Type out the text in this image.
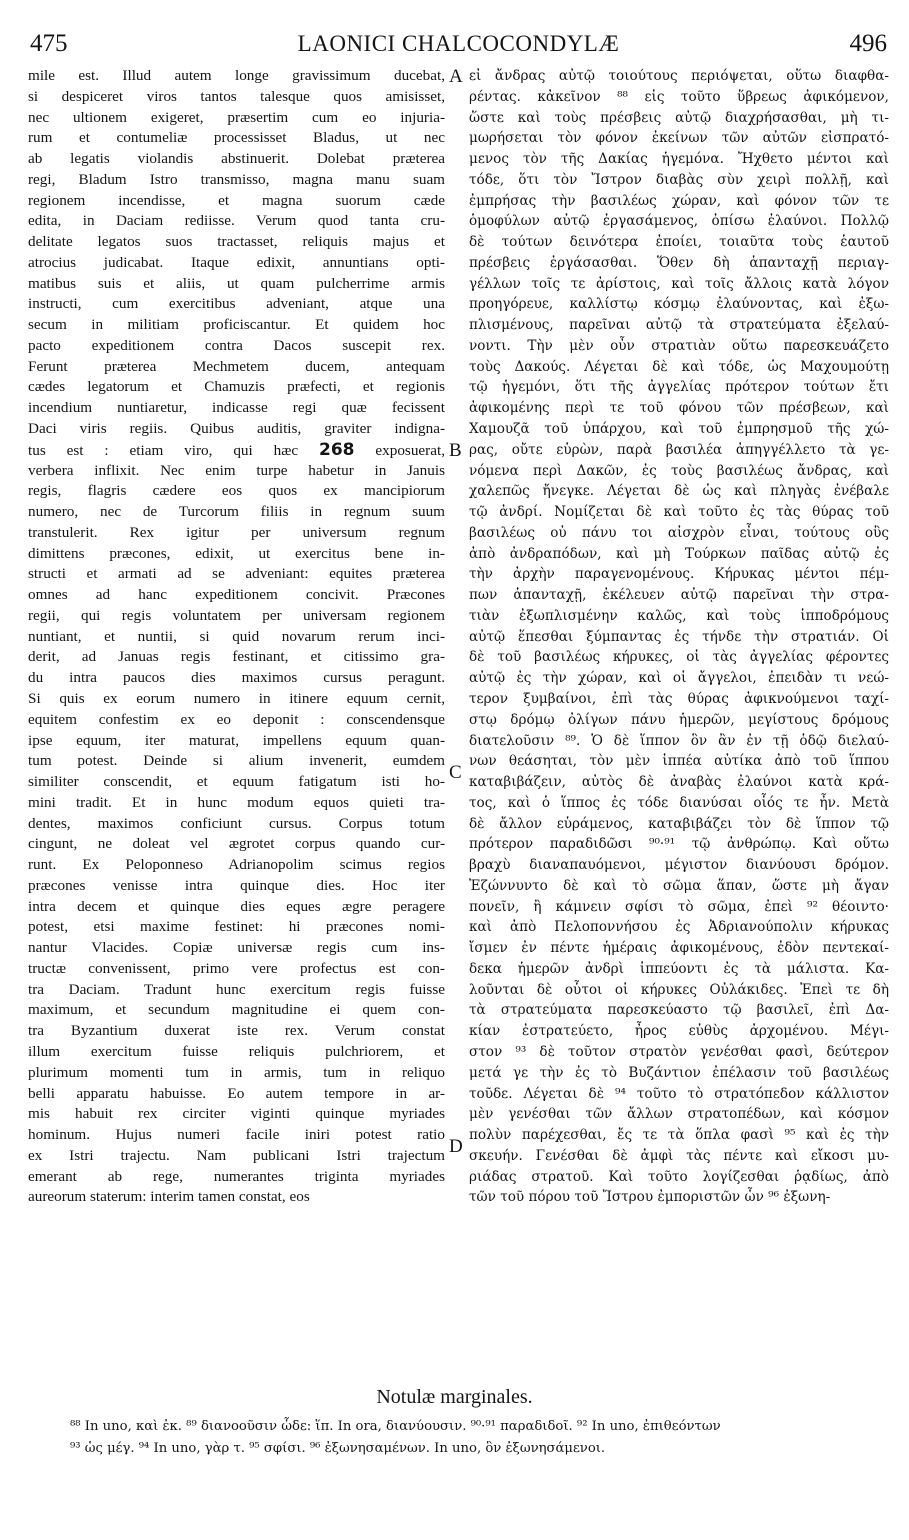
475	LAONICI CHALCOCONDYLÆ	496
mile est. Illud autem longe gravissimum ducebat,
si despiceret viros tantos talesque quos amisisset,
nec ultionem exigeret, præsertim cum eo injuria-
rum et contumeliæ processisset Bladus, ut nec
ab legatis violandis abstinuerit. Dolebat præterea
regi, Bladum Istro transmisso, magna manu suam
regionem incendisse, et magna suorum cæde
edita, in Daciam rediisse. Verum quod tanta cru-
delitate legatos suos tractasset, reliquis majus et
atrocius judicabat. Itaque edixit, annuntians opti-
matibus suis et aliis, ut quam pulcherrime armis
instructi, cum exercitibus adveniant, atque una
secum in militiam proficiscantur. Et quidem hoc
pacto expeditionem contra Dacos suscepit rex.
Ferunt præterea Mechmetem ducem, antequam
cædes legatorum et Chamuzis præfecti, et regionis
incendium nuntiaretur, indicasse regi quæ fecissent
Daci viris regiis. Quibus auditis, graviter indigna-
tus est : etiam viro, qui hæc 268 exposuerat,
verbera inflixit. Nec enim turpe habetur in Januis
regis, flagris cædere eos quos ex mancipiorum
numero, nec de Turcorum filiis in regnum suum
transtulerit. Rex igitur per universum regnum
dimittens præcones, edixit, ut exercitus bene in-
structi et armati ad se adveniant: equites præterea
omnes ad hanc expeditionem concivit. Præcones
regii, qui regis voluntatem per universam regionem
nuntiant, et nuntii, si quid novarum rerum inci-
derit, ad Januas regis festinant, et citissimo gra-
du intra paucos dies maximos cursus peragunt.
Si quis ex eorum numero in itinere equum cernit,
equitem confestim ex eo deponit : conscendensque
ipse equum, iter maturat, impellens equum quan-
tum potest. Deinde si alium invenerit, eumdem
similiter conscendit, et equum fatigatum isti ho-
mini tradit. Et in hunc modum equos quieti tra-
dentes, maximos conficiunt cursus. Corpus totum
cingunt, ne doleat vel ægrotet corpus quando cur-
runt. Ex Peloponneso Adrianopolim scimus regios
præcones venisse intra quinque dies. Hoc iter
intra decem et quinque dies eques ægre peragere
potest, etsi maxime festinet: hi præcones nomi-
nantur Vlacides. Copiæ universæ regis cum ins-
tructæ convenissent, primo vere profectus est con-
tra Daciam. Tradunt hunc exercitum regis fuisse
maximum, et secundum magnitudine ei quem con-
tra Byzantium duxerat iste rex. Verum constat
illum exercitum fuisse reliquis pulchriorem, et
plurimum momenti tum in armis, tum in reliquo
belli apparatu habuisse. Eo autem tempore in ar-
mis habuit rex circiter viginti quinque myriades
hominum. Hujus numeri facile iniri potest ratio
ex Istri trajectu. Nam publicani Istri trajectum
emerant ab rege, numerantes triginta myriades
aureorum staterum: interim tamen constat, eos
εἰ ἄνδρας αὐτῷ τοιούτους περιόψεται, οὕτω διαφθα-
ρέντας. κἀκεῖνον ⁸⁸ εἰς τοῦτο ὕβρεως ἀφικόμενον,
ὥστε καὶ τοὺς πρέσβεις αὐτῷ διαχρήσασθαι, μὴ τι-
μωρήσεται τὸν φόνον ἐκείνων τῶν αὐτῶν εἰσπρατό-
μενος τὸν τῆς Δακίας ἡγεμόνα. Ἤχθετο μέντοι καὶ
τόδε, ὅτι τὸν Ἴστρον διαβὰς σὺν χειρὶ πολλῇ, καὶ
ἐμπρήσας τὴν βασιλέως χώραν, καὶ φόνον τῶν τε
ὁμοφύλων αὐτῷ ἐργασάμενος, ὀπίσω ἐλαύνοι. Πολλῷ
δὲ τούτων δεινότερα ἐποίει, τοιαῦτα τοὺς ἑαυτοῦ
πρέσβεις ἐργάσασθαι. Ὅθεν δὴ ἁπανταχῇ περιαγ-
γέλλων τοῖς τε ἀρίστοις, καὶ τοῖς ἄλλοις κατὰ λόγον
προηγόρευε, καλλίστῳ κόσμῳ ἐλαύνοντας, καὶ ἐξω-
πλισμένους, παρεῖναι αὐτῷ τὰ στρατεύματα ἐξελαύ-
νοντι. Τὴν μὲν οὖν στρατιὰν οὕτω παρεσκευάζετο
τοὺς Δακούς. Λέγεται δὲ καὶ τόδε, ὡς Μαχουμούτῃ
τῷ ἡγεμόνι, ὅτι τῆς ἀγγελίας πρότερον τούτων ἔτι
ἀφικομένης περὶ τε τοῦ φόνου τῶν πρέσβεων, καὶ
Χαμουζᾶ τοῦ ὑπάρχου, καὶ τοῦ ἐμπρησμοῦ τῆς χώ-
ρας, οὔτε εὑρὼν, παρὰ βασιλέα ἀπηγγέλλετο τὰ γε-
νόμενα περὶ Δακῶν, ἐς τοὺς βασιλέως ἄνδρας, καὶ
χαλεπῶς ἤνεγκε. Λέγεται δὲ ὡς καὶ πληγὰς ἐνέβαλε
τῷ ἀνδρί. Νομίζεται δὲ καὶ τοῦτο ἐς τὰς θύρας τοῦ
βασιλέως οὐ πάνυ τοι αἰσχρὸν εἶναι, τούτους οὓς
ἀπὸ ἀνδραπόδων, καὶ μὴ Τούρκων παῖδας αὐτῷ ἐς
τὴν ἀρχὴν παραγενομένους. Κήρυκας μέντοι πέμ-
πων ἁπανταχῇ, ἐκέλευεν αὐτῷ παρεῖναι τὴν στρα-
τιὰν ἐξωπλισμένην καλῶς, καὶ τοὺς ἱπποδρόμους
αὐτῷ ἕπεσθαι ξύμπαντας ἐς τήνδε τὴν στρατιάν. Οἱ
δὲ τοῦ βασιλέως κήρυκες, οἱ τὰς ἀγγελίας φέροντες
αὐτῷ ἐς τὴν χώραν, καὶ οἱ ἄγγελοι, ἐπειδὰν τι νεώ-
τερον ξυμβαίνοι, ἐπὶ τὰς θύρας ἀφικνούμενοι ταχί-
στῳ δρόμῳ ὀλίγων πάνυ ἡμερῶν, μεγίστους δρόμους
διατελοῦσιν ⁸⁹. Ὁ δὲ ἵππον ὃν ἂν ἐν τῇ ὁδῷ διελαύ-
νων θεάσηται, τὸν μὲν ἱππέα αὐτίκα ἀπὸ τοῦ ἵππου
καταβιβάζειν, αὐτὸς δὲ ἀναβὰς ἐλαύνοι κατὰ κρά-
τος, καὶ ὁ ἵππος ἐς τόδε διανύσαι οἷός τε ἦν. Μετὰ
δὲ ἄλλον εὑράμενος, καταβιβάζει τὸν δὲ ἵππον τῷ
πρότερον παραδιδῶσι ⁹⁰·⁹¹ τῷ ἀνθρώπῳ. Καὶ οὕτω
βραχὺ διαναπαυόμενοι, μέγιστον διανύουσι δρόμον.
Ἐζώννυντο δὲ καὶ τὸ σῶμα ἅπαν, ὥστε μὴ ἄγαν
πονεῖν, ἢ κάμνειν σφίσι τὸ σῶμα, ἐπεὶ ⁹² θέοιντο·
καὶ ἀπὸ Πελοποννήσου ἐς Ἀδριανούπολιν κήρυκας
ἴσμεν ἐν πέντε ἡμέραις ἀφικομένους, ἐδὸν πεντεκαί-
δεκα ἡμερῶν ἀνδρὶ ἱππεύοντι ἐς τὰ μάλιστα. Κα-
λοῦνται δὲ οὗτοι οἱ κήρυκες Οὐλάκιδες. Ἐπεὶ τε δὴ
τὰ στρατεύματα παρεσκεύαστο τῷ βασιλεῖ, ἐπὶ Δα-
κίαν ἐστρατεύετο, ἦρος εὐθὺς ἀρχομένου. Μέγι-
στον ⁹³ δὲ τοῦτον στρατὸν γενέσθαι φασὶ, δεύτερον
μετά γε τὴν ἐς τὸ Βυζάντιον ἐπέλασιν τοῦ βασιλέως
τοῦδε. Λέγεται δὲ ⁹⁴ τοῦτο τὸ στρατόπεδον κάλλιστον
μὲν γενέσθαι τῶν ἄλλων στρατοπέδων, καὶ κόσμον
πολὺν παρέχεσθαι, ἔς τε τὰ ὅπλα φασὶ ⁹⁵ καὶ ἐς τὴν
σκευήν. Γενέσθαι δὲ ἀμφὶ τὰς πέντε καὶ εἴκοσι μυ-
ριάδας στρατοῦ. Καὶ τοῦτο λογίζεσθαι ῥᾳδίως, ἀπὸ
τῶν τοῦ πόρου τοῦ Ἴστρου ἐμποριστῶν ὧν ⁹⁶ ἐξωνη-
A
B
C
D
Notulæ marginales.
⁸⁸ In uno, καὶ ἐκ. ⁸⁹ διανοοῦσιν ὧδε: ἵπ. In ora, διανύουσιν. ⁹⁰·⁹¹ παραδιδοῖ. ⁹² In uno, ἐπιθεόντων
⁹³ ὡς μέγ. ⁹⁴ In uno, γὰρ τ. ⁹⁵ σφίσι. ⁹⁶ ἐξωνησαμένων. In uno, ὃν ἐξωνησάμενοι.
